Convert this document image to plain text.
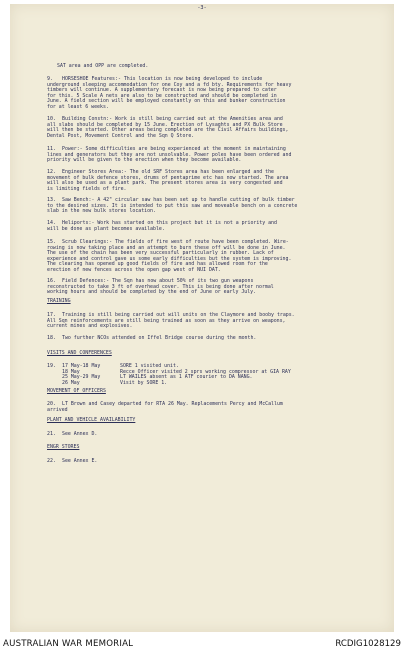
-3-

SAT area and OPP are completed.

9. HORSESHOE Features:- This location is now being developed to include

underground sleeping accommodation for one Coy and a fd bty. Requirements for heavy

timbers will continue. A supplementary forecast is now being prepared to cater

for this. 5 Scale A nets are also to be constructed and should be completed in

June. A field section will be employed constantly on this and bunker construction

for at least 6 weeks.

10. Building Constn:- Work is still being carried out at the Amenities area and

all slabs should be completed by 15 June. Erection of Lysaghts and PX Bulk Store

will then be started. Other areas being completed are the Civil Affairs buildings,

Dental Post, Movement Control and the Sqn Q Store.

11. Power:- Some difficulties are being experienced at the moment in maintaining

lines and generators but they are not unsolvable. Power poles have been ordered and

priority will be given to the erection when they become available.

12. Engineer Stores Area:- The old SRF Stores area has been enlarged and the

movement of bulk defence stores, drums of pentaprime etc has now started. The area

will also be used as a plant park. The present stores area is very congested and

is limiting fields of fire.

13. Saw Bench:- A 42" circular saw has been set up to handle cutting of bulk timber

to the desired sizes. It is intended to put this saw and moveable bench on a concrete

slab in the new bulk stores location.

14. Heliports:- Work has started on this project but it is not a priority and

will be done as plant becomes available.

15. Scrub Clearings:- The fields of fire west of route have been completed. Wire-

rowing is now taking place and an attempt to burn these off will be done in June.

The use of the chain has been very successful particularly in rubber. Lack of

experience and control gave us some early difficulties but the system is improving.

The clearing has opened up good fields of fire and has allowed room for the

erection of new fences across the open gap west of NUI DAT.

16. Field Defences:- The Sqn has now about 50% of its two gun weapons

reconstructed to take 3 ft of overhead cover. This is being done after normal

working hours and should be completed by the end of June or early July.

TRAINING

17. Training is still being carried out will units on the Claymore and booby traps.

All Sqn reinforcements are still being trained as soon as they arrive on weapons,

current mines and explosives.

18. Two further NCOs attended on Iffel Bridge course during the month.

VISITS AND CONFERENCES

19. 17 May-18 May	SORE 1 visited unit.

18 May	Recce Officer visited 2 sprs working compressor at GIA RAY

25 May-29 May	LT WAILES absent as 1 ATF courier to DA NANG.

26 May	Visit by SORE 1.

MOVEMENT OF OFFICERS

20. LT Brown and Casey departed for RTA 26 May. Replacements Percy and McCallum

arrived

PLANT AND VEHICLE AVAILABILITY

21. See Annex D.

ENGR STORES

22. See Annex E.

AUSTRALIAN WAR MEMORIAL	RCDIG1028129
